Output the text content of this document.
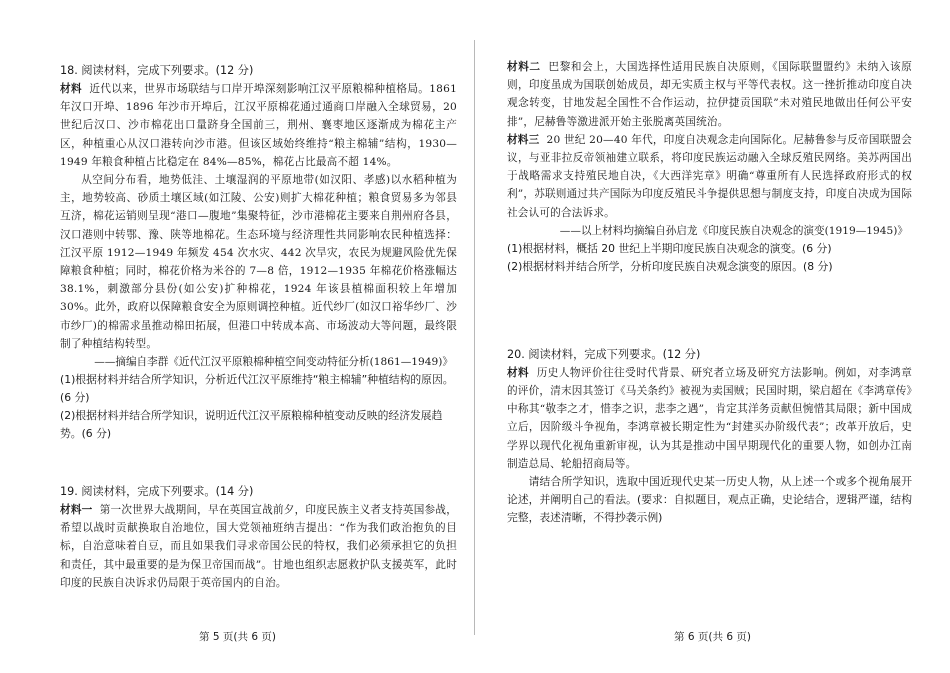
18. 阅读材料，完成下列要求。(12 分)

材料 近代以来，世界市场联结与口岸开埠深刻影响江汉平原粮棉种植格局。1861 年汉口开埠、1896 年沙市开埠后，江汉平原棉花通过通商口岸融入全球贸易，20 世纪后汉口、沙市棉花出口量跻身全国前三，荆州、襄枣地区逐渐成为棉花主产区，种植重心从汉口港转向沙市港。但该区域始终维持“粮主棉辅”结构，1930—1949 年粮食种植占比稳定在 84%—85%，棉花占比最高不超 14%。

从空间分布看，地势低洼、土壤湿润的平原地带(如汉阳、孝感)以水稻种植为主，地势较高、砂质土壤区域(如江陵、公安)则扩大棉花种植；粮食贸易多为邻县互济，棉花运销则呈现“港口—腹地”集聚特征，沙市港棉花主要来自荆州府各县，汉口港则中转鄂、豫、陕等地棉花。生态环境与经济理性共同影响农民种植选择：江汉平原 1912—1949 年频发 454 次水灾、442 次旱灾，农民为规避风险优先保障粮食种植；同时，棉花价格为米谷的 7—8 倍，1912—1935 年棉花价格涨幅达 38.1%，刺激部分县份(如公安)扩种棉花，1924 年该县植棉面积较上年增加 30%。此外，政府以保障粮食安全为原则调控种植。近代纱厂(如汉口裕华纱厂、沙市纱厂)的棉需求虽推动棉田拓展，但港口中转成本高、市场波动大等问题，最终限制了种植结构转型。

——摘编自李群《近代江汉平原粮棉种植空间变动特征分析(1861—1949)》

(1)根据材料并结合所学知识，分析近代江汉平原维持“粮主棉辅”种植结构的原因。(6 分)

(2)根据材料并结合所学知识，说明近代江汉平原粮棉种植变动反映的经济发展趋势。(6 分)

19. 阅读材料，完成下列要求。(14 分)

材料一 第一次世界大战期间，早在英国宣战前夕，印度民族主义者支持英国参战，希望以战时贡献换取自治地位，国大党领袖班纳吉提出：“作为我们政治抱负的目标，自治意味着自豆，而且如果我们寻求帝国公民的特权，我们必须承担它的负担和责任，其中最重要的是为保卫帝国而战”。甘地也组织志愿救护队支援英军，此时印度的民族自决诉求仍局限于英帝国内的自治。

材料二 巴黎和会上，大国选择性适用民族自决原则，《国际联盟盟约》未纳入该原则，印度虽成为国联创始成员，却无实质主权与平等代表权。这一挫折推动印度自决观念转变，甘地发起全国性不合作运动，拉伊捷贡国联”未对殖民地做出任何公平安排”，尼赫鲁等激进派开始主张脱离英国统治。

材料三 20 世纪 20—40 年代，印度自决观念走向国际化。尼赫鲁参与反帝国联盟会议，与亚非拉反帝领袖建立联系，将印度民族运动融入全球反殖民网络。美苏两国出于战略需求支持殖民地自决，《大西洋宪章》明确“尊重所有人民选择政府形式的权利”，苏联则通过共产国际为印度反殖民斗争提供思想与制度支持，印度自决成为国际社会认可的合法诉求。

——以上材料均摘编自孙启龙《印度民族自决观念的演变(1919—1945)》

(1)根据材料，概括 20 世纪上半期印度民族自决观念的演变。(6 分)

(2)根据材料并结合所学，分析印度民族自决观念演变的原因。(8 分)

20. 阅读材料，完成下列要求。(12 分)

材料 历史人物评价往往受时代背景、研究者立场及研究方法影响。例如，对李鸿章的评价，清末因其签订《马关条约》被视为卖国贼；民国时期，梁启超在《李鸿章传》中称其“敬李之才，惜李之识，悲李之遇”，肯定其洋务贡献但惋惜其局限；新中国成立后，因阶级斗争视角，李鸿章被长期定性为“封建买办阶级代表”；改革开放后，史学界以现代化视角重新审视，认为其是推动中国早期现代化的重要人物，如创办江南制造总局、轮船招商局等。

请结合所学知识，选取中国近现代史某一历史人物，从上述一个或多个视角展开论述，并阐明自己的看法。(要求：自拟题目，观点正确，史论结合，逻辑严谨，结构完整，表述清晰，不得抄袭示例)

第 5 页(共 6 页)	第 6 页(共 6 页)
